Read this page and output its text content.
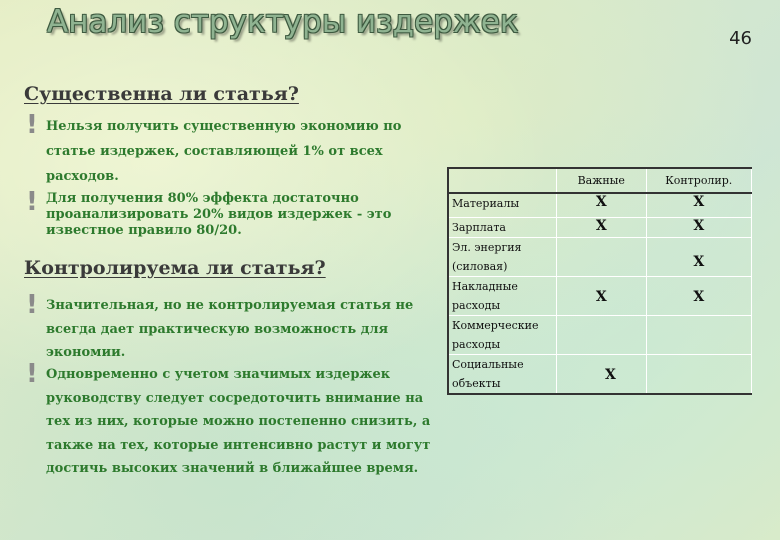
Анализ структуры издержек	46
Существенна ли статья?
! Нельзя получить существенную экономию по статье издержек, составляющей 1% от всех расходов.
! Для получения 80% эффекта достаточно проанализировать 20% видов издержек - это известное правило 80/20.
Контролируема ли статья?
! Значительная, но не контролируемая статья не всегда дает практическую возможность для экономии.
! Одновременно с учетом значимых издержек руководству следует сосредоточить внимание на тех из них, которые можно постепенно снизить, а также на тех, которые интенсивно растут и могут достичь высоких значений в ближайшее время.
	Важные	Контролир.
Материалы	X	X
Зарплата	X	X
Эл. энергия (силовая)		X
Накладные расходы	X	X
Коммерческие расходы		
Социальные объекты	X	
